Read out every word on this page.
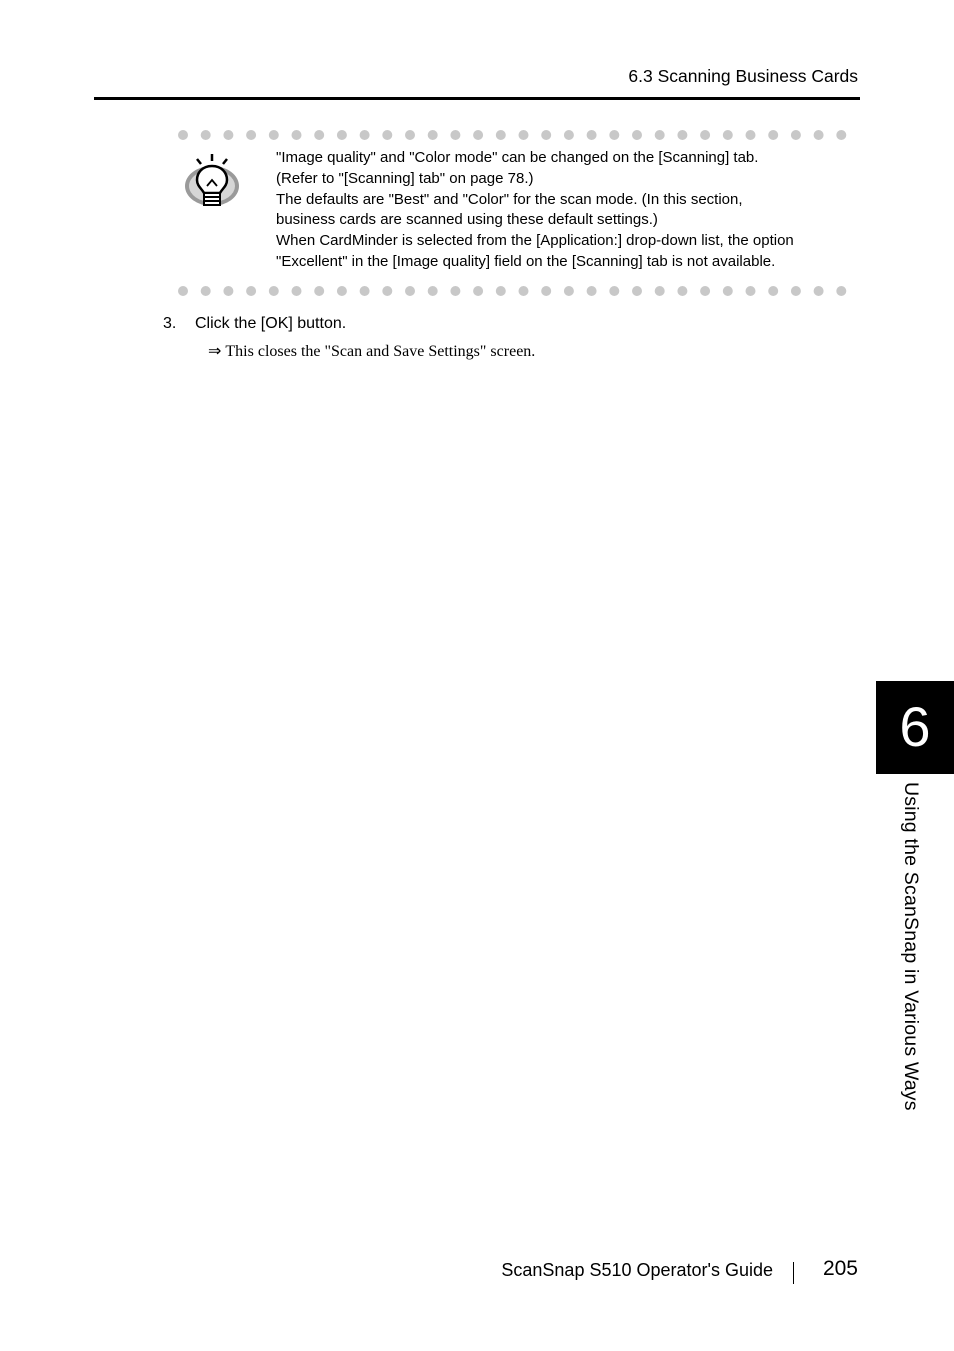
6.3 Scanning Business Cards
"Image quality" and "Color mode" can be changed on the [Scanning] tab.
(Refer to "[Scanning] tab" on page 78.)
The defaults are "Best" and "Color" for the scan mode. (In this section,
business cards are scanned using these default settings.)
When CardMinder is selected from the [Application:] drop-down list, the option
"Excellent" in the [Image quality] field on the [Scanning] tab is not available.
3. Click the [OK] button.
⇒ This closes the "Scan and Save Settings" screen.
6
Using the ScanSnap in Various Ways
ScanSnap S510 Operator's Guide 205
